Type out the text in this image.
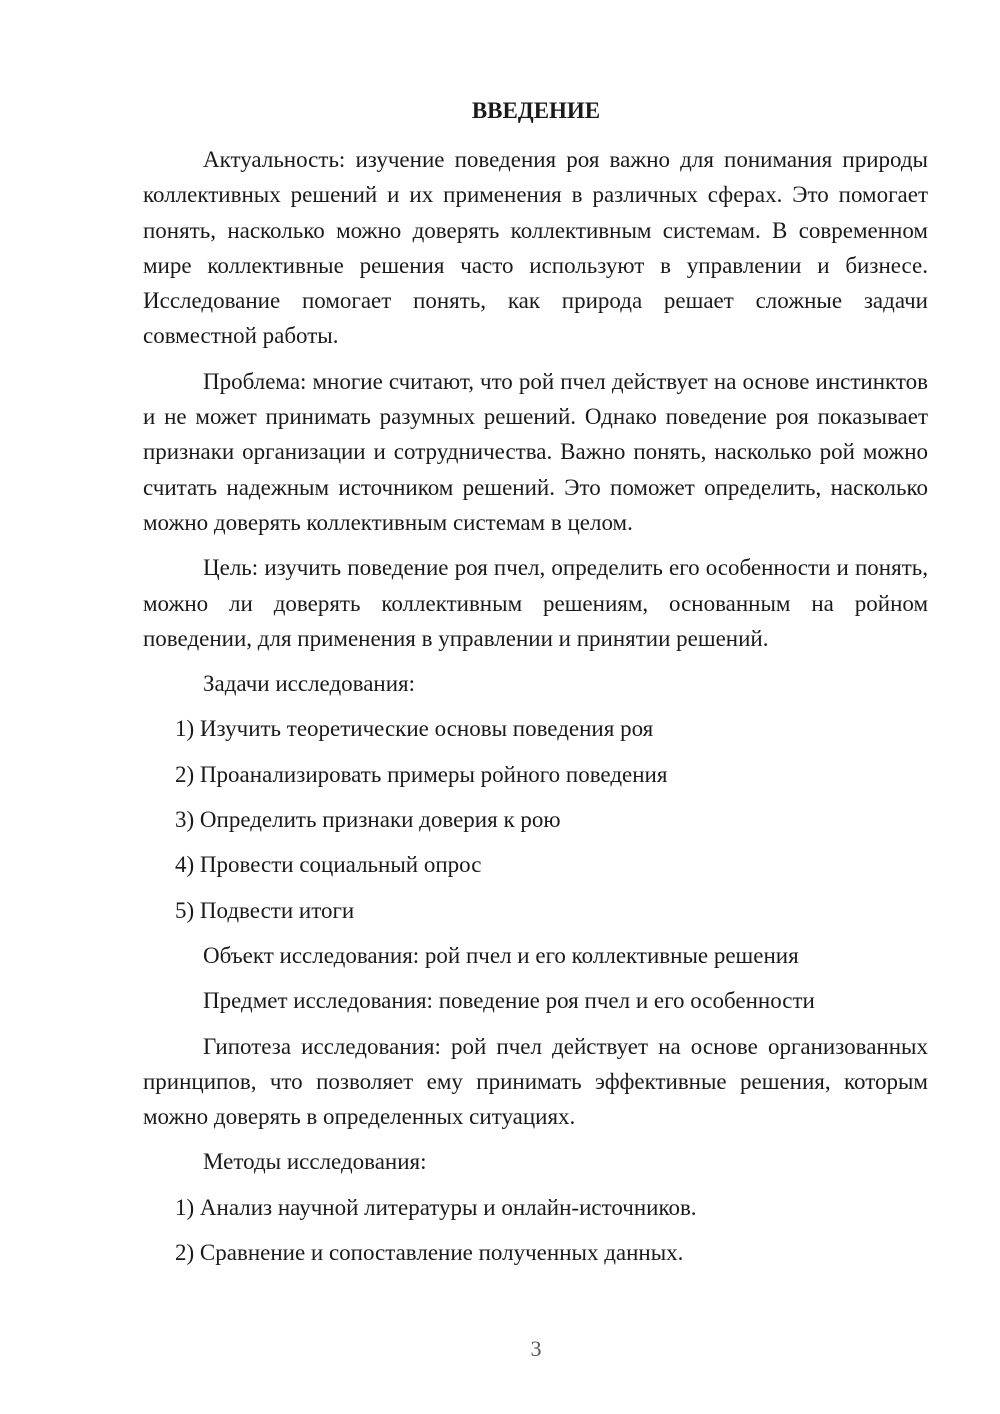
ВВЕДЕНИЕ

Актуальность: изучение поведения роя важно для понимания природы коллективных решений и их применения в различных сферах. Это помогает понять, насколько можно доверять коллективным системам. В современном мире коллективные решения часто используют в управлении и бизнесе. Исследование помогает понять, как природа решает сложные задачи совместной работы.

Проблема: многие считают, что рой пчел действует на основе инстинктов и не может принимать разумных решений. Однако поведение роя показывает признаки организации и сотрудничества. Важно понять, насколько рой можно считать надежным источником решений. Это поможет определить, насколько можно доверять коллективным системам в целом.

Цель: изучить поведение роя пчел, определить его особенности и понять, можно ли доверять коллективным решениям, основанным на ройном поведении, для применения в управлении и принятии решений.

Задачи исследования:

1) Изучить теоретические основы поведения роя

2) Проанализировать примеры ройного поведения

3) Определить признаки доверия к рою

4) Провести социальный опрос

5) Подвести итоги

Объект исследования: рой пчел и его коллективные решения

Предмет исследования: поведение роя пчел и его особенности

Гипотеза исследования: рой пчел действует на основе организованных принципов, что позволяет ему принимать эффективные решения, которым можно доверять в определенных ситуациях.

Методы исследования:

1) Анализ научной литературы и онлайн-источников.

2) Сравнение и сопоставление полученных данных.

3
